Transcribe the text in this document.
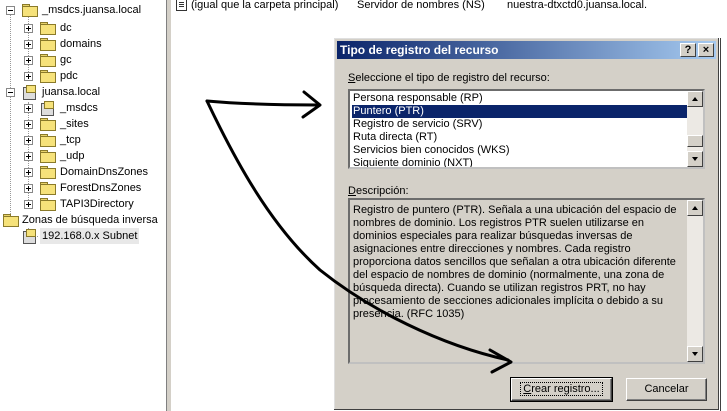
_msdcs.juansa.local
dc
domains
gc
pdc
juansa.local
_msdcs
_sites
_tcp
_udp
DomainDnsZones
ForestDnsZones
TAPI3Directory
Zonas de búsqueda inversa
192.168.0.x Subnet
(igual que la carpeta principal) Servidor de nombres (NS) nuestra-dtxctd0.juansa.local.
Tipo de registro del recurso	?	×
Seleccione el tipo de registro del recurso:
Persona responsable (RP)
Puntero (PTR)
Registro de servicio (SRV)
Ruta directa (RT)
Servicios bien conocidos (WKS)
Siguiente dominio (NXT)
Descripción:
Registro de puntero (PTR). Señala a una ubicación del espacio de nombres de dominio. Los registros PTR suelen utilizarse en dominios especiales para realizar búsquedas inversas de asignaciones entre direcciones y nombres. Cada registro proporciona datos sencillos que señalan a otra ubicación diferente del espacio de nombres de dominio (normalmente, una zona de búsqueda directa). Cuando se utilizan registros PRT, no hay procesamiento de secciones adicionales implícita o debido a su presencia. (RFC 1035)
Crear registro...	Cancelar
